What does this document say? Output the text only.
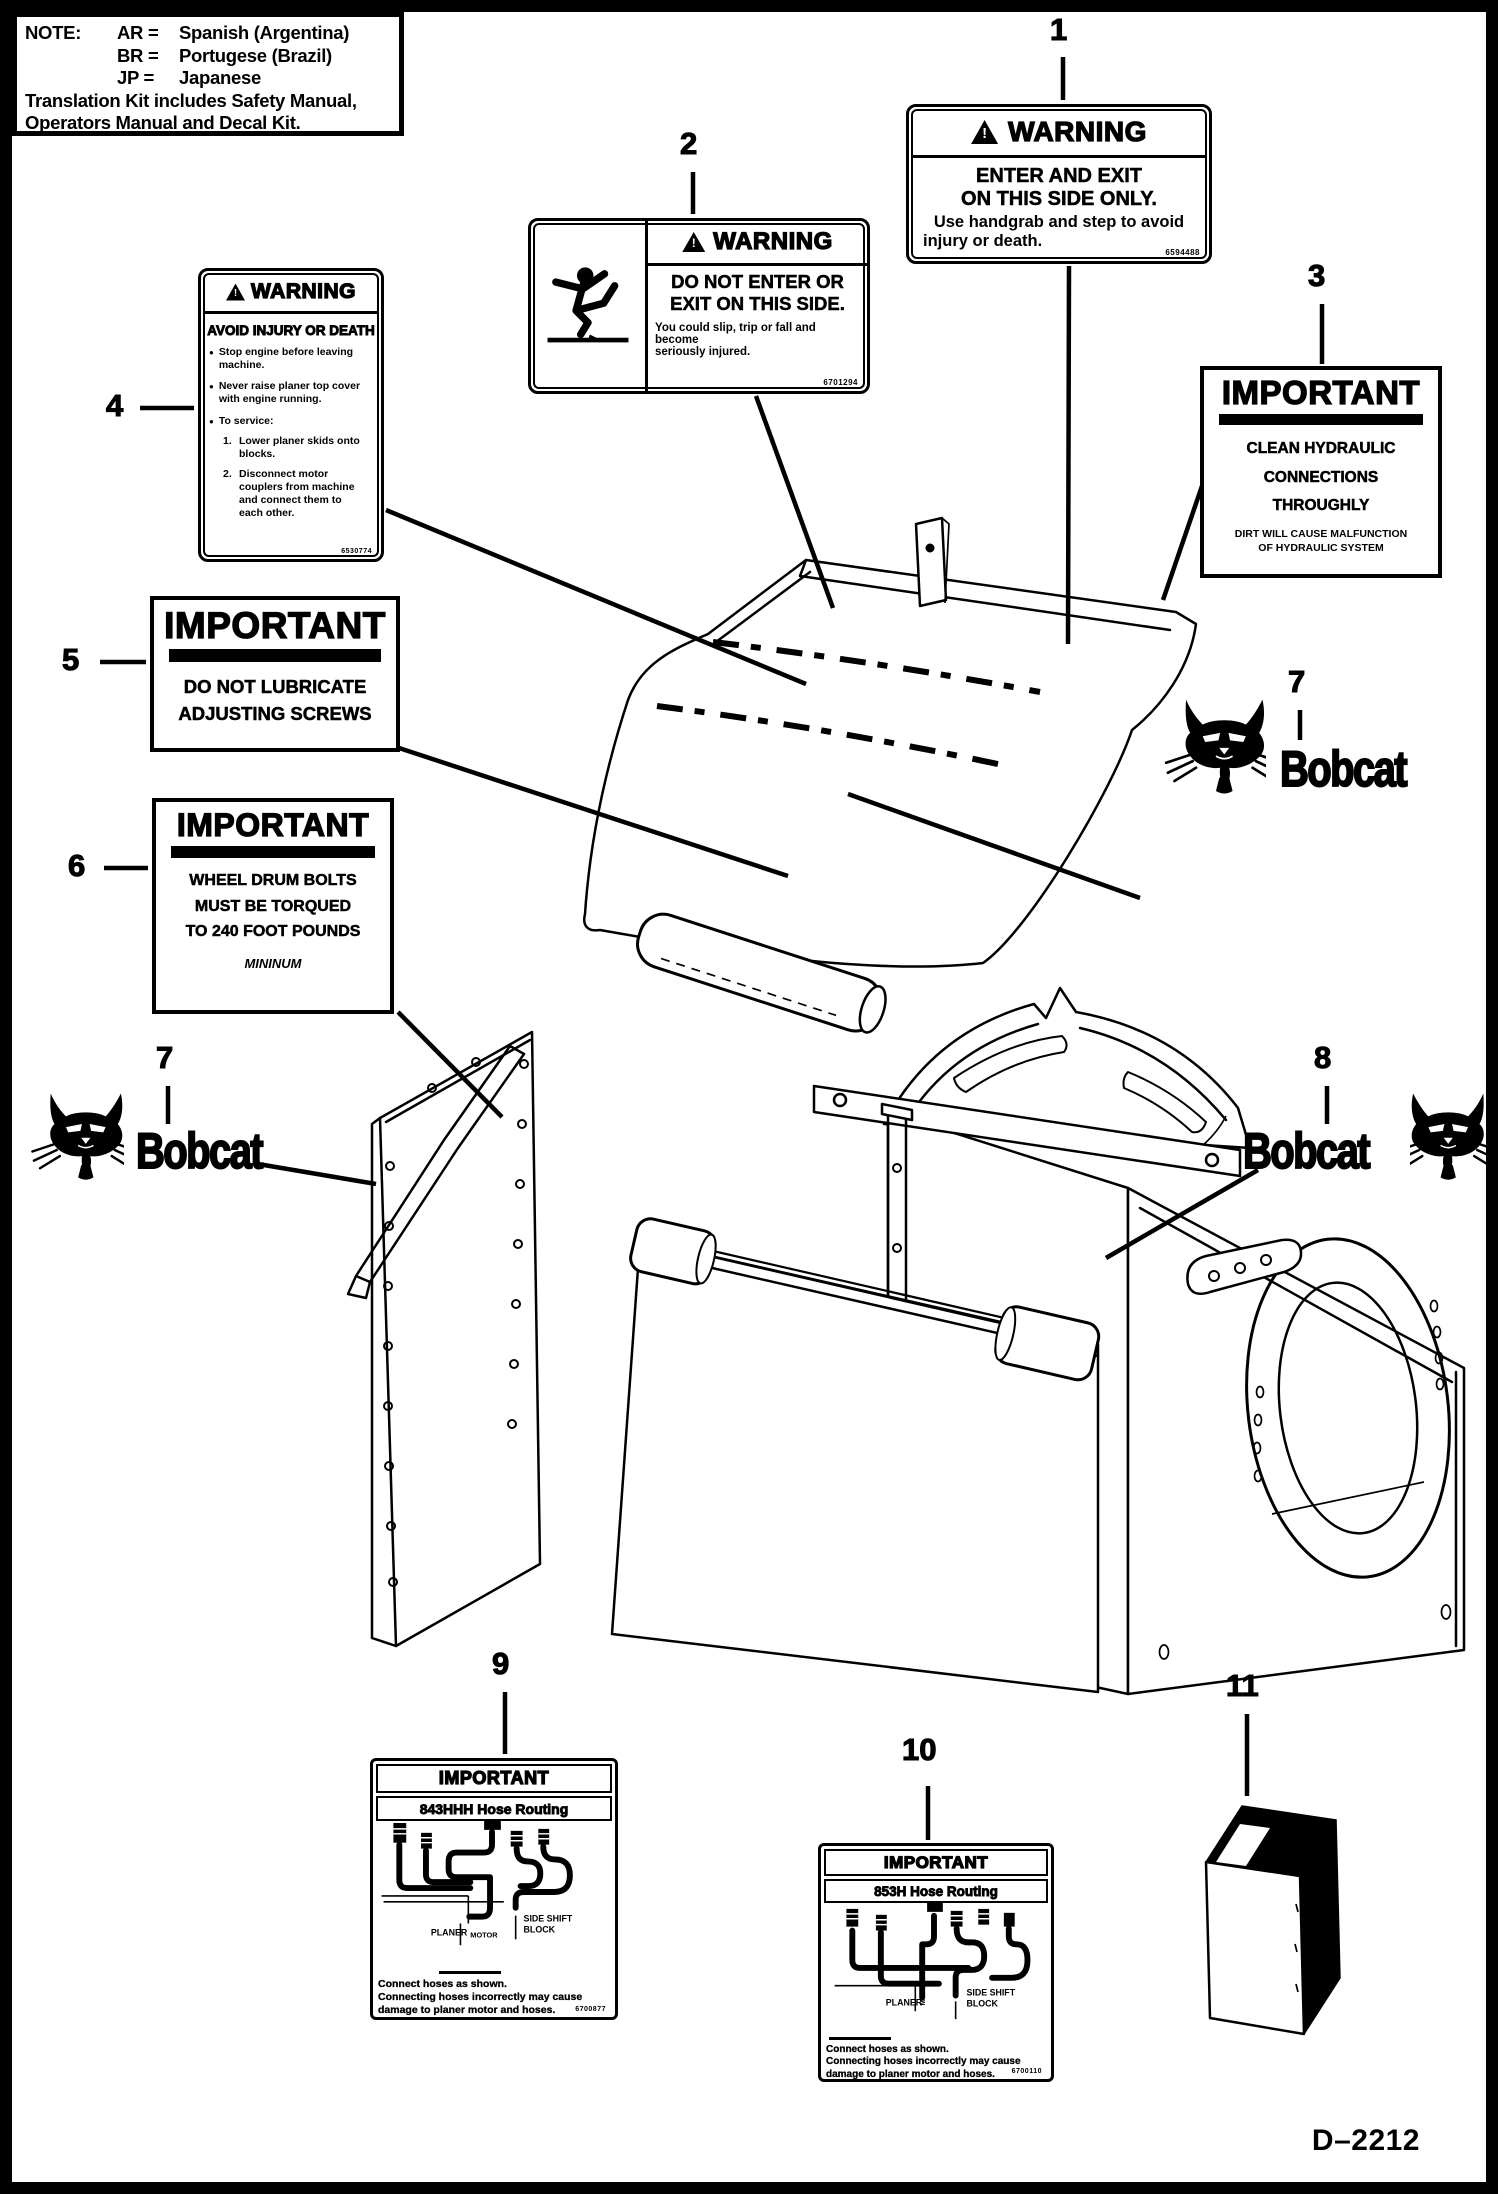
NOTE:	AR =	Spanish (Argentina)
BR =	Portugese (Brazil)
JP =	Japanese
Translation Kit includes Safety Manual,
Operators Manual and Decal Kit. !	WARNING
ENTER AND EXIT
ON THIS SIDE ONLY.
Use handgrab and step to avoid
injury or death.
6594488
!
WARNING
DO NOT ENTER OR
EXIT ON THIS SIDE.
You could slip, trip or fall and become
seriously injured.
6701294	IMPORTANT
CLEAN HYDRAULIC
CONNECTIONS
THROUGHLY
DIRT WILL CAUSE MALFUNCTION
OF HYDRAULIC SYSTEM
!
WARNING
AVOID INJURY OR DEATH
● Stop engine before leaving
machine.
● Never raise planer top cover
with engine running.
● To service:
1. Lower planer skids onto
blocks.
2. Disconnect motor
couplers from machine
and connect them to
each other.
6530774
IMPORTANT
DO NOT LUBRICATE
ADJUSTING SCREWS
IMPORTANT
WHEEL DRUM BOLTS
MUST BE TORQUED
TO 240 FOOT POUNDS
MININUM
IMPORTANT
843HHH Hose Routing
SIDE SHIFT
BLOCK
PLANER MOTOR
Connect hoses as shown.
Connecting hoses incorrectly may cause
damage to planer motor and hoses.	6700877
IMPORTANT
853H Hose Routing
PLANER
MOTOR	SIDE SHIFT
BLOCK
Connect hoses as shown.
Connecting hoses incorrectly may cause
damage to planer motor and hoses.	6700110
Bobcat
Bobcat	Bobcat
1
2
3
4
5
6
7
7	8
9
10
11
D–2212
